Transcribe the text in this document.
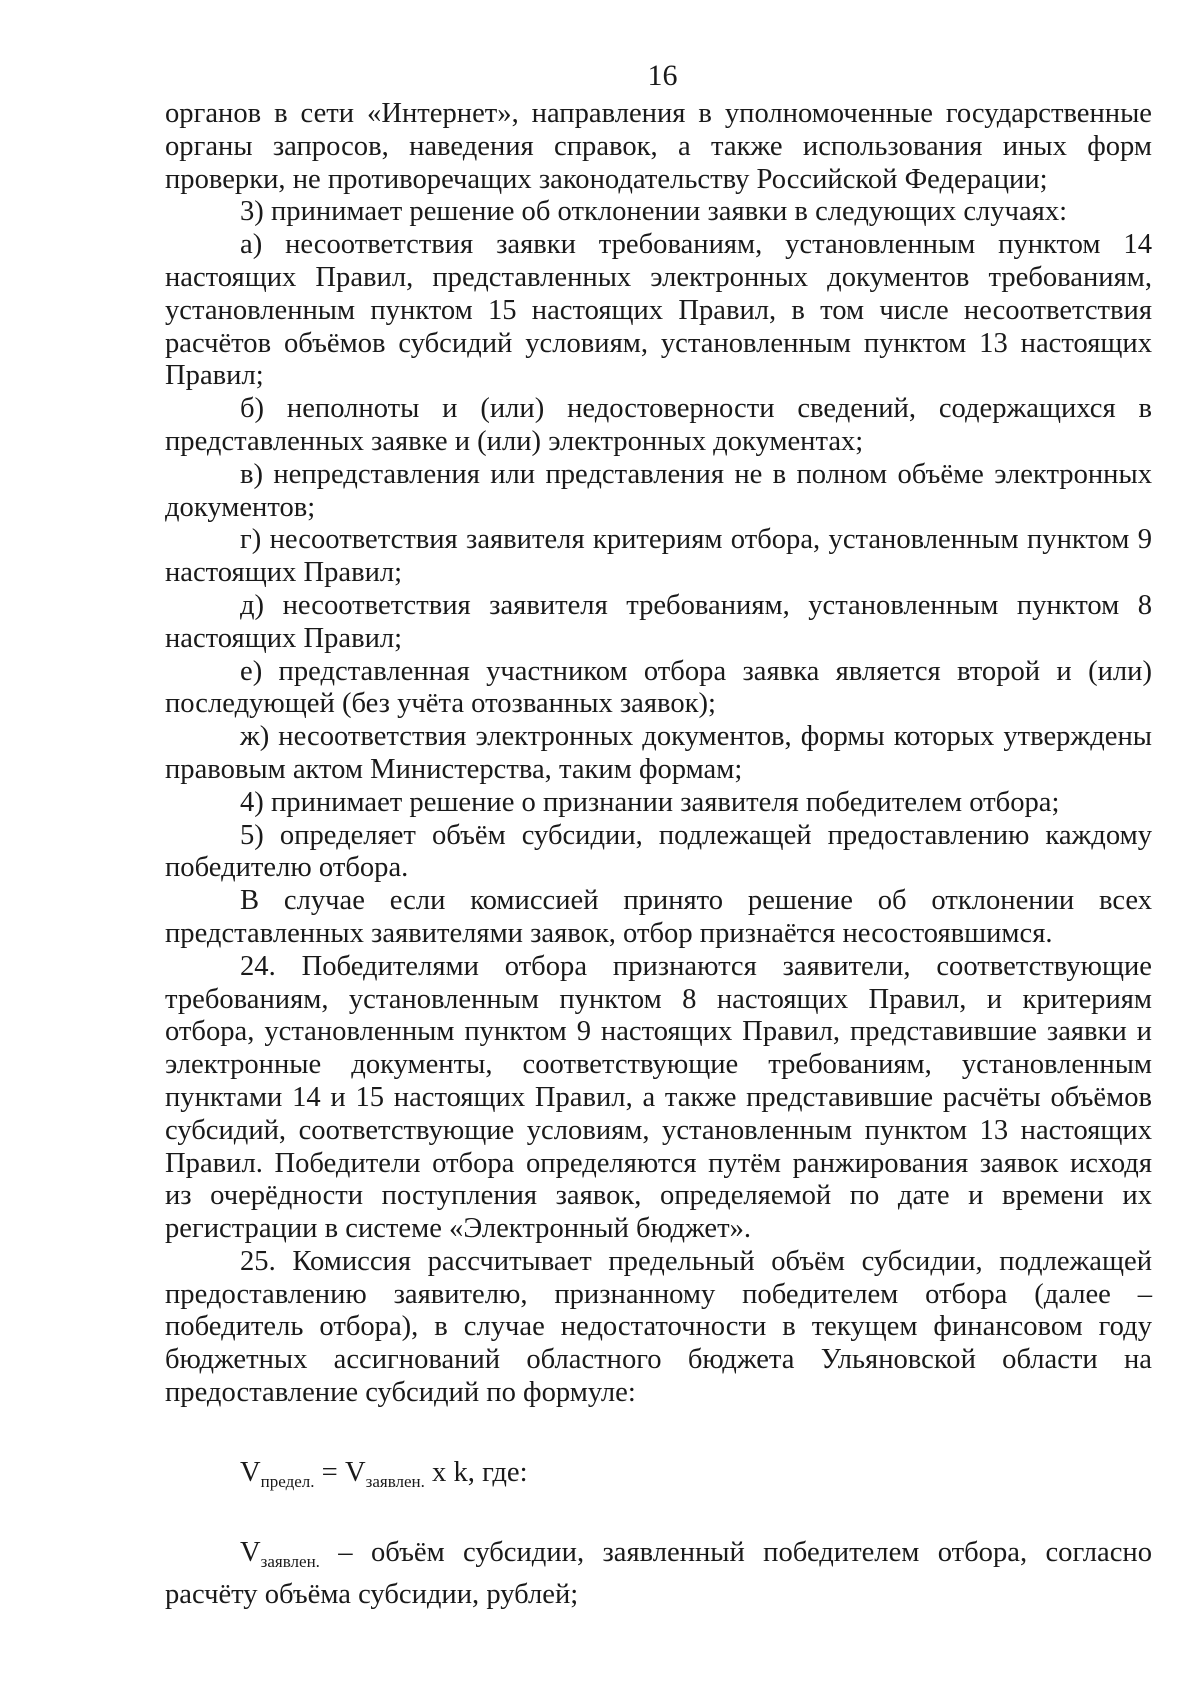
16

органов в сети «Интернет», направления в уполномоченные государственные органы запросов, наведения справок, а также использования иных форм проверки, не противоречащих законодательству Российской Федерации;

3) принимает решение об отклонении заявки в следующих случаях:

а) несоответствия заявки требованиям, установленным пунктом 14 настоящих Правил, представленных электронных документов требованиям, установленным пунктом 15 настоящих Правил, в том числе несоответствия расчётов объёмов субсидий условиям, установленным пунктом 13 настоящих Правил;

б) неполноты и (или) недостоверности сведений, содержащихся в представленных заявке и (или) электронных документах;

в) непредставления или представления не в полном объёме электронных документов;

г) несоответствия заявителя критериям отбора, установленным пунктом 9 настоящих Правил;

д) несоответствия заявителя требованиям, установленным пунктом 8 настоящих Правил;

е) представленная участником отбора заявка является второй и (или) последующей (без учёта отозванных заявок);

ж) несоответствия электронных документов, формы которых утверждены правовым актом Министерства, таким формам;

4) принимает решение о признании заявителя победителем отбора;

5) определяет объём субсидии, подлежащей предоставлению каждому победителю отбора.

В случае если комиссией принято решение об отклонении всех представленных заявителями заявок, отбор признаётся несостоявшимся.

24. Победителями отбора признаются заявители, соответствующие требованиям, установленным пунктом 8 настоящих Правил, и критериям отбора, установленным пунктом 9 настоящих Правил, представившие заявки и электронные документы, соответствующие требованиям, установленным пунктами 14 и 15 настоящих Правил, а также представившие расчёты объёмов субсидий, соответствующие условиям, установленным пунктом 13 настоящих Правил. Победители отбора определяются путём ранжирования заявок исходя из очерёдности поступления заявок, определяемой по дате и времени их регистрации в системе «Электронный бюджет».

25. Комиссия рассчитывает предельный объём субсидии, подлежащей предоставлению заявителю, признанному победителем отбора (далее – победитель отбора), в случае недостаточности в текущем финансовом году бюджетных ассигнований областного бюджета Ульяновской области на предоставление субсидий по формуле:

$V_{предел.} = V_{заявлен.}$ x k, где:

$V_{заявлен.}$ – объём субсидии, заявленный победителем отбора, согласно расчёту объёма субсидии, рублей;
